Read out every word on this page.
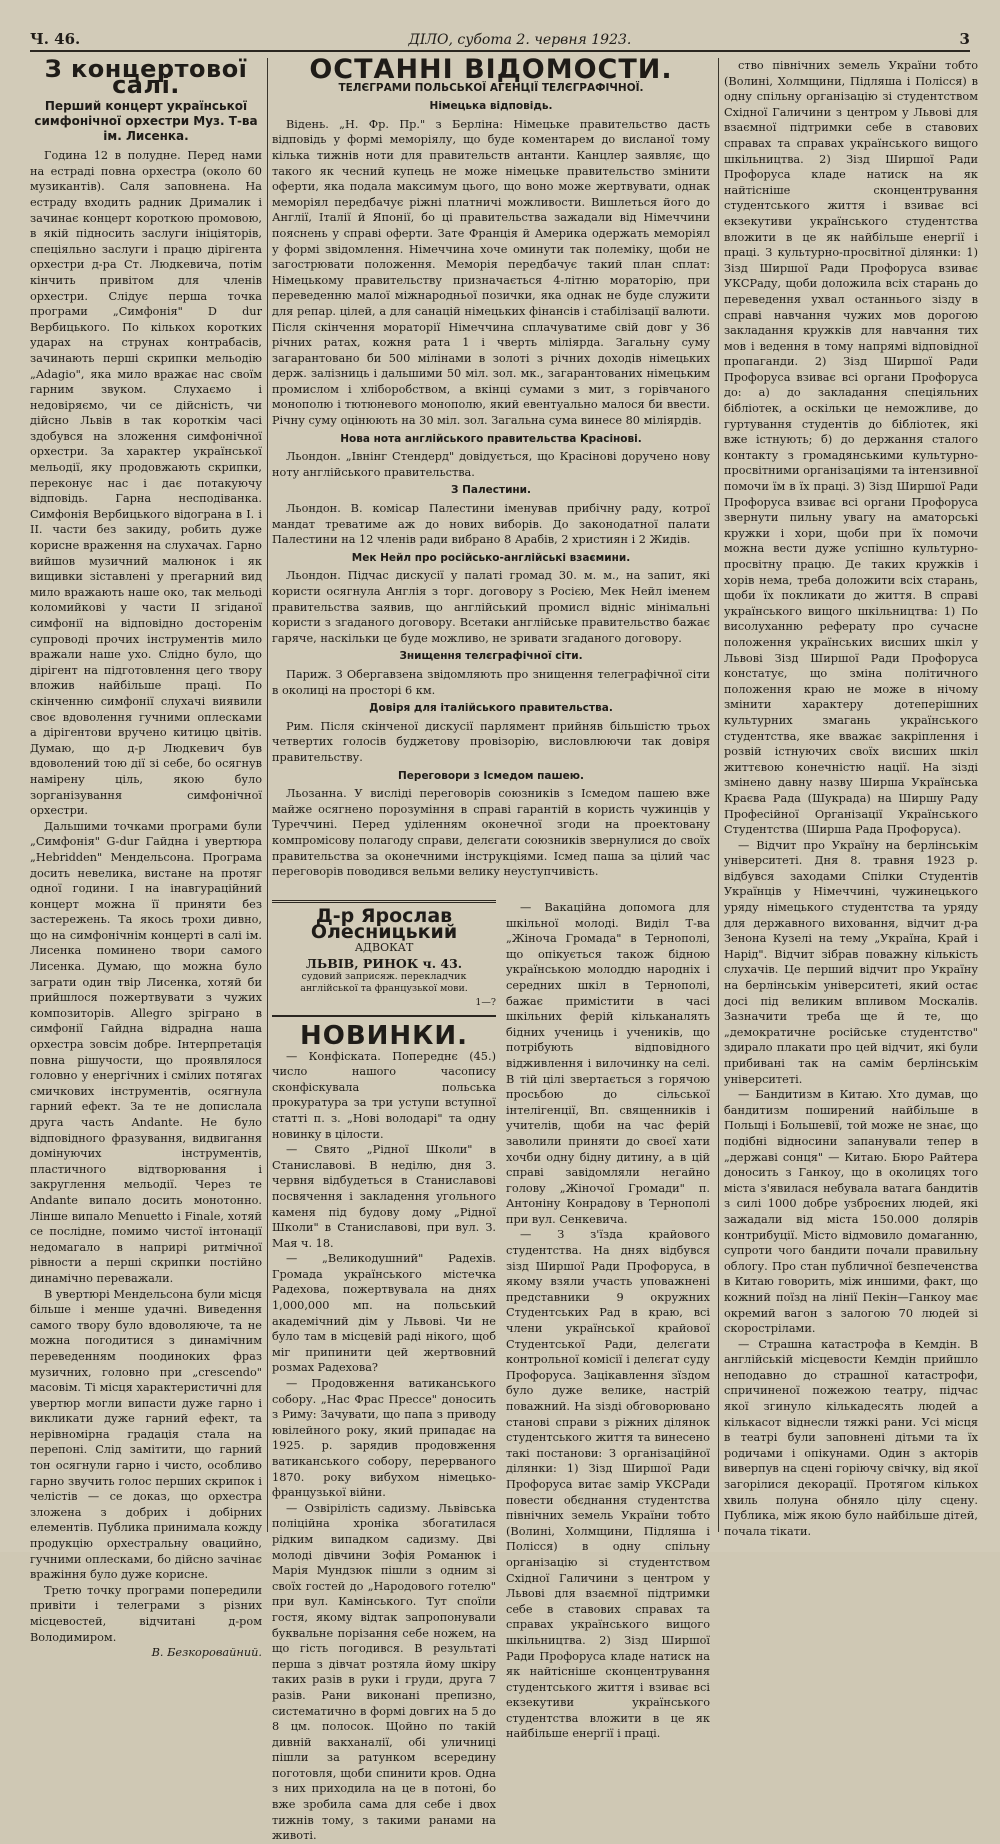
Ч. 46.	ДІЛО, субота 2. червня 1923.	3
З концертової салі.
Перший концерт української симфонічної орхестри Муз. Т-ва ім. Лисенка.

Година 12 в полудне. Перед нами на естраді повна орхестра (около 60 музикантів). Саля заповнена. На естраду входить радник Дрималик і зачинає концерт короткою промовою, в якій підносить заслуги ініціяторів, спеціяльно заслуги і працю дірігента орхестри д-ра Ст. Людкевича, потім кінчить привітом для членів орхестри. Слідує перша точка програми „Симфонія" D dur Вербицького. По кількох коротких ударах на струнах контрабасів, зачинають перші скрипки мельодію „Adagio", яка мило вражає нас своїм гарним звуком. Слухаємо і недовіряємо, чи се дійсність, чи дійсно Львів в так короткім часі здобувся на зложення симфонічної орхестри. За характер української мельодії, яку продовжають скрипки, переконує нас і дає потакуючу відповідь. Гарна несподіванка. Симфонія Вербицького відограна в І. і ІІ. части без закиду, робить дуже корисне враження на слухачах. Гарно вийшов музичний малюнок і як вищивки зіставлені у прегарний вид мило вражають наше око, так мельоді коломийкові у части ІІ згіданої симфонії на відповідно досторенім супроводі прочих інструментів мило вражали наше ухо. Слідно було, що дірігент на підготовлення цего твору вложив найбільше праці. По скінченню симфонії слухачі виявили своє вдоволення гучними оплесками а дірігентови вручено китицю цвітів. Думаю, що д-р Людкевич був вдоволений тою дії зі себе, бо осягнув намірену ціль, якою було зорганізування симфонічної орхестри.

Дальшими точками програми були „Симфонія" G-dur Гайдна і увертюра „Hebridden" Мендельсона. Програма досить невелика, вистане на протяг одної години. І на інавгураційний концерт можна її приняти без застережень. Та якось трохи дивно, що на симфонічнім концерті в салі ім. Лисенка поминено твори самого Лисенка. Думаю, що можна було заграти один твір Лисенка, хотяй би прийшлося пожертвувати з чужих композиторів. Allegro зріграно в симфонії Гайдна відрадна наша орхестра зовсім добре. Інтерпретація повна рішучости, що проявлялося головно у енергічних і смілих потягах смичкових інструментів, осягнула гарний ефект. За те не допислала друга часть Andante. Не було відповідного фразування, видвигання домінуючих інструментів, пластичного відтворювання і закруглення мельодії. Через те Andante випало досить монотонно. Лінше випало Menuetto і Finale, хотяй се послідне, помимо чистої інтонації недомагало в наприрі ритмічної рівности а перші скрипки постійно динамічно переважали.

В увертюрі Мендельсона були місця більше і менше удачні. Виведення самого твору було вдоволяюче, та не можна погодитися з динамічним переведенням поодиноких фраз музичних, головно при „crescendo" масовім. Ті місця характеристичні для увертюр могли випасти дуже гарно і викликати дуже гарний ефект, та нерівномірна градація стала на перепоні. Слід замітити, що гарний тон осягнули гарно і чисто, особливо гарно звучить голос перших скрипок і челістів — се доказ, що орхестра зложена з добрих і добірних елементів. Публика принимала кожду продукцію орхестральну овацийно, гучними оплесками, бо дійсно зачінає вражіння було дуже корисне.

Третю точку програми попередили привіти і телеграми з різних місцевостей, відчитані д-ром Володимиром.

В. Безкоровайний.
ОСТАННІ ВІДОМОСТИ.
ТЕЛЄГРАМИ ПОЛЬСЬКОЇ АГЕНЦІЇ ТЕЛЄГРАФІЧНОЇ.
Німецька відповідь.

Відень. „Н. Фр. Пр." з Берліна: Німецьке правительство дасть відповідь у формі меморіялу, що буде коментарем до висланої тому кілька тижнів ноти для правительств антанти. Канцлер заявляє, що такого як чесний купець не може німецьке правительство змінити оферти, яка подала максимум цього, що воно може жертвувати, однак меморіял передбачує ріжні платничі можливости. Вишлеться його до Англії, Італії й Японії, бо ці правительства зажадали від Німеччини пояснень у справі оферти. Зате Франція й Америка одержать меморіял у формі звідомлення. Німеччина хоче оминути так полеміку, щоби не загострювати положення. Меморія передбачує такий план сплат: Німецькому правительству призначається 4-літню мораторію, при переведенню малої міжнародньої позички, яка однак не буде служити для репар. цілей, а для санацій німецьких фінансів і стабілізації валюти. Після скінчення мораторії Німеччина сплачуватиме свій довг у 36 річних ратах, кожня рата 1 і чверть міліярда. Загальну суму загарантовано би 500 мілінами в золоті з річних доходів німецьких держ. залізниць і дальшими 50 міл. зол. мк., загарантованих німецьким промислом і хліборобством, а вкінці сумами з мит, з горівчаного монополю і тютюневого монополю, який евентуально малося би ввести. Річну суму оцінюють на 30 міл. зол. Загальна сума винесе 80 міліярдів.

Нова нота англійського правительства Красінові.

Льондон. „Івнінг Стендерд" довідується, що Красінові доручено нову ноту англійського правительства.

З Палестини.

Льондон. В. комісар Палестини іменував прибічну раду, котрої мандат треватиме аж до нових виборів. До законодатної палати Палестини на 12 членів ради вибрано 8 Арабів, 2 християн і 2 Жидів.

Мек Нейл про російсько-англійські взаємини.

Льондон. Підчас дискусії у палаті громад 30. м. м., на запит, які користи осягнула Англія з торг. договору з Росією, Мек Нейл іменем правительства заявив, що англійський промисл відніс мінімальні користи з згаданого договору. Всетаки англійське правительство бажає гаряче, наскільки це буде можливо, не зривати згаданого договору.

Знищення телєграфічної сіти.

Париж. З Обергавзена звідомляють про знищення телеграфічної сіти в околиці на просторі 6 км.

Довіря для італійського правительства.

Рим. Після скінченої дискусії парлямент прийняв більшістю трьох четвертих голосів буджетову провізорію, висловлюючи так довіря правительству.

Переговори з Ісмедом пашею.

Льозанна. У висліді переговорів союзників з Ісмедом пашею вже майже осягнено порозуміння в справі гарантій в користь чужинців у Туреччині. Перед уділенням оконечної згоди на проектовану компромісову полагоду справи, делєгати союзників звернулися до своїх правительства за оконечними інструкціями. Ісмед паша за цілий час переговорів поводився вельми велику неуступчивість.

Д-р Ярослав Олесницький
АДВОКАТ
ЛЬВІВ, РИНОК ч. 43.
судовий заприсяж. перекладчик англійської та французької мови.
1—?
НОВИНКИ.

— Конфіската. Попереднє (45.) число нашого часопису сконфіскувала польська прокуратура за три уступи вступної статті п. з. „Нові володарі" та одну новинку в цілости.

— Свято „Рідної Школи" в Станиславові. В неділю, дня 3. червня відбудеться в Станиславові посвячення і закладення угольного каменя під будову дому „Рідної Школи" в Станиславові, при вул. З. Мая ч. 18.

— „Великодушний" Радехів. Громада українського містечка Радехова, пожертвувала на днях 1,000,000 мп. на польський академічний дім у Львові. Чи не було там в місцевій раді нікого, щоб міг припинити цей жертвовний розмах Радехова?

— Продовження ватиканського собору. „Нас Фрас Прессе" доносить з Риму: Зачувати, що папа з приводу ювілейного року, який припадає на 1925. р. зарядив продовження ватиканського собору, перерваного 1870. року вибухом німецько-французької війни.

— Озвірілість садизму. Львівська поліційна хроніка збогатилася рідким випадком садизму. Дві молоді дівчини Зофія Романюк і Марія Мундзюк пішли з одним зі своїх гостей до „Народового готелю" при вул. Камінського. Тут споїли гостя, якому відтак запропонували буквальне порізання себе ножем, на що гість погодився. В результаті перша з дівчат розтяла йому шкіру таких разів в руки і груди, друга 7 разів. Рани виконані препизно, систематично в формі довгих на 5 до 8 цм. полосок. Щойно по такій дивній вакханалії, обі уличниці пішли за ратунком всередину поготовля, щоби спинити кров. Одна з них приходила на це в потоні, бо вже зробила сама для себе і двох тижнів тому, з такими ранами на животі.

— Вакаційна допомога для шкільної молоді. Виділ Т-ва „Жіноча Громада" в Тернополі, що опікується також бідною українською молоддю народніх і середних шкіл в Тернополі, бажає примістити в часі шкільних ферій кільканалять бідних учениць і учеників, що потрібують відповідного відживлення і вилочинку на селі. В тій цілі звертається з горячою просьбою до сільської інтелігенції, Вп. священників і учителів, щоби на час ферій заволили приняти до своєї хати хочби одну бідну дитину, а в цій справі завідомляли негайно голову „Жіночої Громади" п. Антоніну Конрадову в Тернополі при вул. Сенкевича.

— З з'їзда крайового студентства. На днях відбувся зізд Ширшої Ради Профоруса, в якому взяли участь уповажнені представники 9 окружних Студентських Рад в краю, всі члени української крайової Студентської Ради, делєгати контрольної комісії і делєгат суду Профоруса. Зацікавлення зїздом було дуже велике, настрій поважний. На зізді обговорювано станові справи з ріжних ділянок студентського життя та винесено такі постанови: З організаційної ділянки: 1) Зізд Ширшої Ради Профоруса витає замір УКСРади повести обєднання студентства північних земель України тобто (Волині, Холмщини, Підляша і Полісся) в одну спільну організацію зі студентством Східної Галичини з центром у Львові для взаємної підтримки себе в ставових справах та справах українського вищого шкільництва. 2) Зізд Ширшої Ради Профоруса кладе натиск на як найтісніше сконцентрування студентського життя і взиває всі екзекутиви українського студентства вложити в це як найбільше енергії і праці.

ство північних земель України тобто (Волині, Холмщини, Підляша і Полісся) в одну спільну організацію зі студентством Східної Галичини з центром у Львові для взаємної підтримки себе в ставових справах та справах українського вищого шкільництва. 2) Зізд Ширшої Ради Профоруса кладе натиск на як найтісніше сконцентрування студентського життя і взиває всі екзекутиви українського студентства вложити в це як найбільше енергії і праці. З культурно-просвітної ділянки: 1) Зізд Ширшої Ради Профоруса взиває УКСРаду, щоби доложила всіх старань до переведення ухвал останнього зізду в справі навчання чужих мов дорогою закладання кружків для навчання тих мов і ведення в тому напрямі відповідної пропаганди. 2) Зізд Ширшої Ради Профоруса взиває всі органи Профоруса до: а) до закладання спеціяльних бібліотек, а оскільки це неможливе, до гуртування студентів до бібліотек, які вже істнують; б) до держання сталого контакту з громадянськими культурно-просвітними організаціями та інтензивної помочи їм в їх праці. 3) Зізд Ширшої Ради Профоруса взиває всі органи Профоруса звернути пильну увагу на аматорські кружки і хори, щоби при їх помочи можна вести дуже успішно культурно-просвітну працю. Де таких кружків і хорів нема, треба доложити всіх старань, щоби їх покликати до життя. В справі українського вищого шкільництва: 1) По висолуханню реферату про сучасне положення українських висших шкіл у Львові Зізд Ширшої Ради Профоруса констатує, що зміна політичного положення краю не може в нічому змінити характеру дотеперішних культурних змагань українського студентства, яке вважає закріплення і розвій істнуючих своїх висших шкіл життєвою конечністю нації. На зізді змінено давну назву Ширша Українська Краєва Рада (Шукрада) на Ширшу Раду Професійної Організації Українського Студентства (Ширша Рада Профоруса).

— Відчит про Україну на берлінськім університеті. Дня 8. травня 1923 р. відбувся заходами Спілки Студентів Українців у Німеччині, чужинецького уряду німецького студентства та уряду для державного виховання, відчит д-ра Зенона Кузелі на тему „Україна, Край і Нарід". Відчит зібрав поважну кількість слухачів. Це перший відчит про Україну на берлінськім університеті, який остає досі під великим впливом Москалів. Зазначити треба ще й те, що „демократичне російське студентство" здирало плакати про цей відчит, які були прибивані так на самім берлінськім університеті.

— Бандитизм в Китаю. Хто думав, що бандитизм поширений найбільше в Польщі і Большевії, той може не знає, що подібні відносини запанували тепер в „державі сонця" — Китаю. Бюро Райтера доносить з Ганкоу, що в околицях того міста з'явилася небувала ватага бандитів з силі 1000 добре узброєних людей, які зажадали від міста 150.000 долярів контрибуції. Місто відмовило домаганню, супроти чого бандити почали правильну облогу. Про стан публичної безпеченства в Китаю говорить, між иншими, факт, що кожний поїзд на лінії Пекін—Ганкоу має окремий вагон з залогою 70 людей зі скорострілами.

— Страшна катастрофа в Кемдін. В англійській місцевости Кемдін прийшло неподавно до страшної катастрофи, спричиненої пожежою театру, підчас якої згинуло кількадесять людей а кількасот віднесли тяжкі рани. Усі місця в театрі були заповнені дітьми та їх родичами і опікунами. Один з акторів виверпув на сцені горіючу свічку, від якої загорілися декорації. Протягом кількох хвиль полуна обняло цілу сцену. Публика, між якою було найбільше дітей, почала тікати.
